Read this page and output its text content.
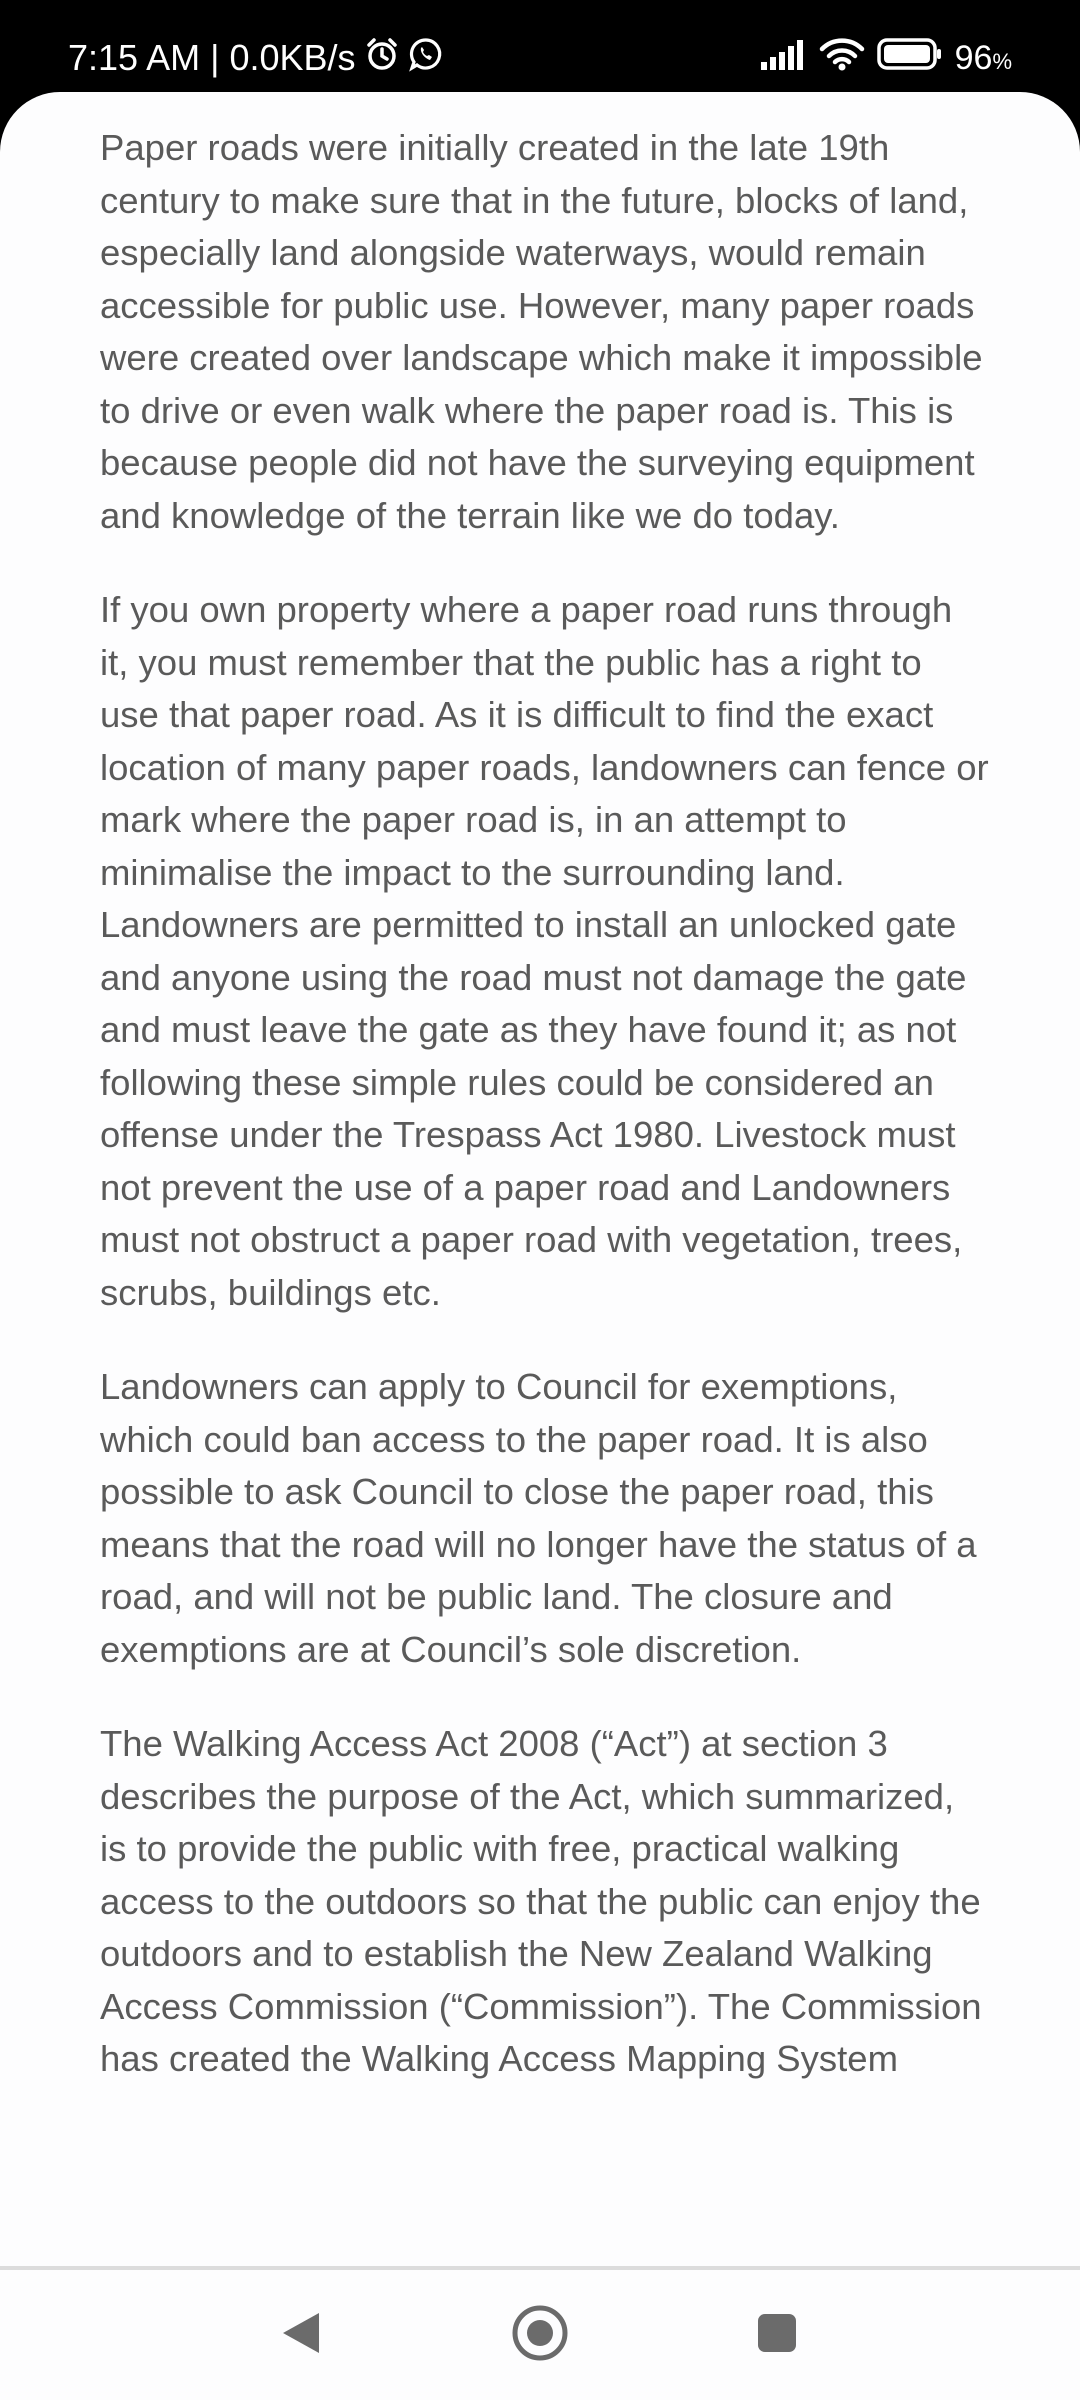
7:15 AM | 0.0KB/s	96%

Paper roads were initially created in the late 19th century to make sure that in the future, blocks of land, especially land alongside waterways, would remain accessible for public use. However, many paper roads were created over landscape which make it impossible to drive or even walk where the paper road is. This is because people did not have the surveying equipment and knowledge of the terrain like we do today.

If you own property where a paper road runs through it, you must remember that the public has a right to use that paper road. As it is difficult to find the exact location of many paper roads, landowners can fence or mark where the paper road is, in an attempt to minimalise the impact to the surrounding land. Landowners are permitted to install an unlocked gate and anyone using the road must not damage the gate and must leave the gate as they have found it; as not following these simple rules could be considered an offense under the Trespass Act 1980. Livestock must not prevent the use of a paper road and Landowners must not obstruct a paper road with vegetation, trees, scrubs, buildings etc.

Landowners can apply to Council for exemptions, which could ban access to the paper road. It is also possible to ask Council to close the paper road, this means that the road will no longer have the status of a road, and will not be public land. The closure and exemptions are at Council’s sole discretion.

The Walking Access Act 2008 (“Act”) at section 3 describes the purpose of the Act, which summarized, is to provide the public with free, practical walking access to the outdoors so that the public can enjoy the outdoors and to establish the New Zealand Walking Access Commission (“Commission”). The Commission has created the Walking Access Mapping System
